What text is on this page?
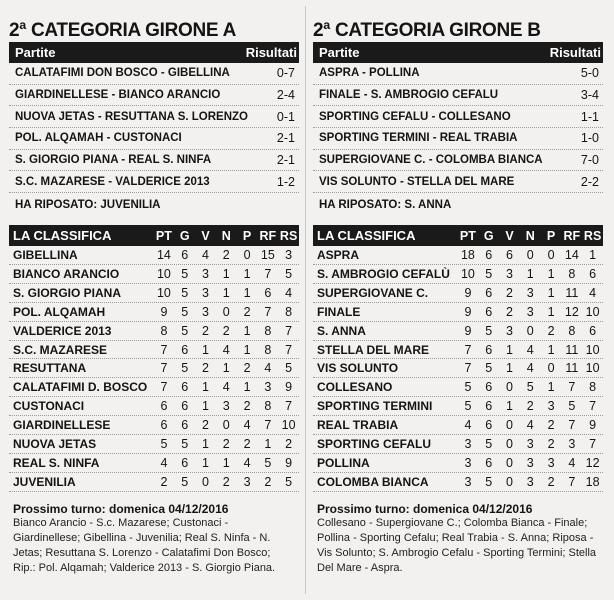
2ª CATEGORIA GIRONE A
Partite	Risultati
CALATAFIMI DON BOSCO - GIBELLINA	0-7
GIARDINELLESE - BIANCO ARANCIO	2-4
NUOVA JETAS - RESUTTANA S. LORENZO	0-1
POL. ALQAMAH - CUSTONACI	2-1
S. GIORGIO PIANA - REAL S. NINFA	2-1
S.C. MAZARESE - VALDERICE 2013	1-2
HA RIPOSATO: JUVENILIA
LA CLASSIFICA	PT G V N P RF RS
GIBELLINA	14 6	4	2	0 15 3
BIANCO ARANCIO	10 5	3	1	1	7	5
S. GIORGIO PIANA	10 5	3	1	1	6	4
POL. ALQAMAH	9	5	3	0	2	7	8
VALDERICE 2013	8	5	2	2	1	8	7
S.C. MAZARESE	7	6	1	4	1	8	7
RESUTTANA	7	5	2	1	2	4	5
CALATAFIMI D. BOSCO	7	6	1	4	1	3	9
CUSTONACI	6	6	1	3	2	8	7
GIARDINELLESE	6	6	2	0	4	7 10
NUOVA JETAS	5	5	1	2	2	1	2
REAL S. NINFA	4	6	1	1	4	5	9
JUVENILIA	2	5	0	2	3	2	5
Prossimo turno: domenica 04/12/2016
Bianco Arancio - S.c. Mazarese; Custonaci - Giardinellese; Gibellina - Juvenilia; Real S. Ninfa - N. Jetas; Resuttana S. Lorenzo - Calatafimi Don Bosco; Rip.: Pol. Alqamah; Valderice 2013 - S. Giorgio Piana.
2ª CATEGORIA GIRONE B
Partite	Risultati
ASPRA - POLLINA	5-0
FINALE - S. AMBROGIO CEFALU	3-4
SPORTING CEFALU - COLLESANO	1-1
SPORTING TERMINI - REAL TRABIA	1-0
SUPERGIOVANE C. - COLOMBA BIANCA	7-0
VIS SOLUNTO - STELLA DEL MARE	2-2
HA RIPOSATO: S. ANNA
LA CLASSIFICA	PT G V N P RF RS
ASPRA	18 6	6	0	0 14 1
S. AMBROGIO CEFALÙ 10 5	3	1	1	8	6
SUPERGIOVANE C.	9	6	2	3	1 11 4
FINALE	9	6	2	3	1 12 10
S. ANNA	9	5	3	0	2	8	6
STELLA DEL MARE	7	6	1	4	1 11 10
VIS SOLUNTO	7	5	1	4	0 11 10
COLLESANO	5	6	0	5	1	7	8
SPORTING TERMINI	5	6	1	2	3	5	7
REAL TRABIA	4	6	0	4	2	7	9
SPORTING CEFALU	3	5	0	3	2	3	7
POLLINA	3	6	0	3	3	4 12
COLOMBA BIANCA	3	5	0	3	2	7 18
Prossimo turno: domenica 04/12/2016
Collesano - Supergiovane C.; Colomba Bianca - Finale; Pollina - Sporting Cefalu; Real Trabia - S. Anna; Riposa - Vis Solunto; S. Ambrogio Cefalu - Sporting Termini; Stella Del Mare - Aspra.
